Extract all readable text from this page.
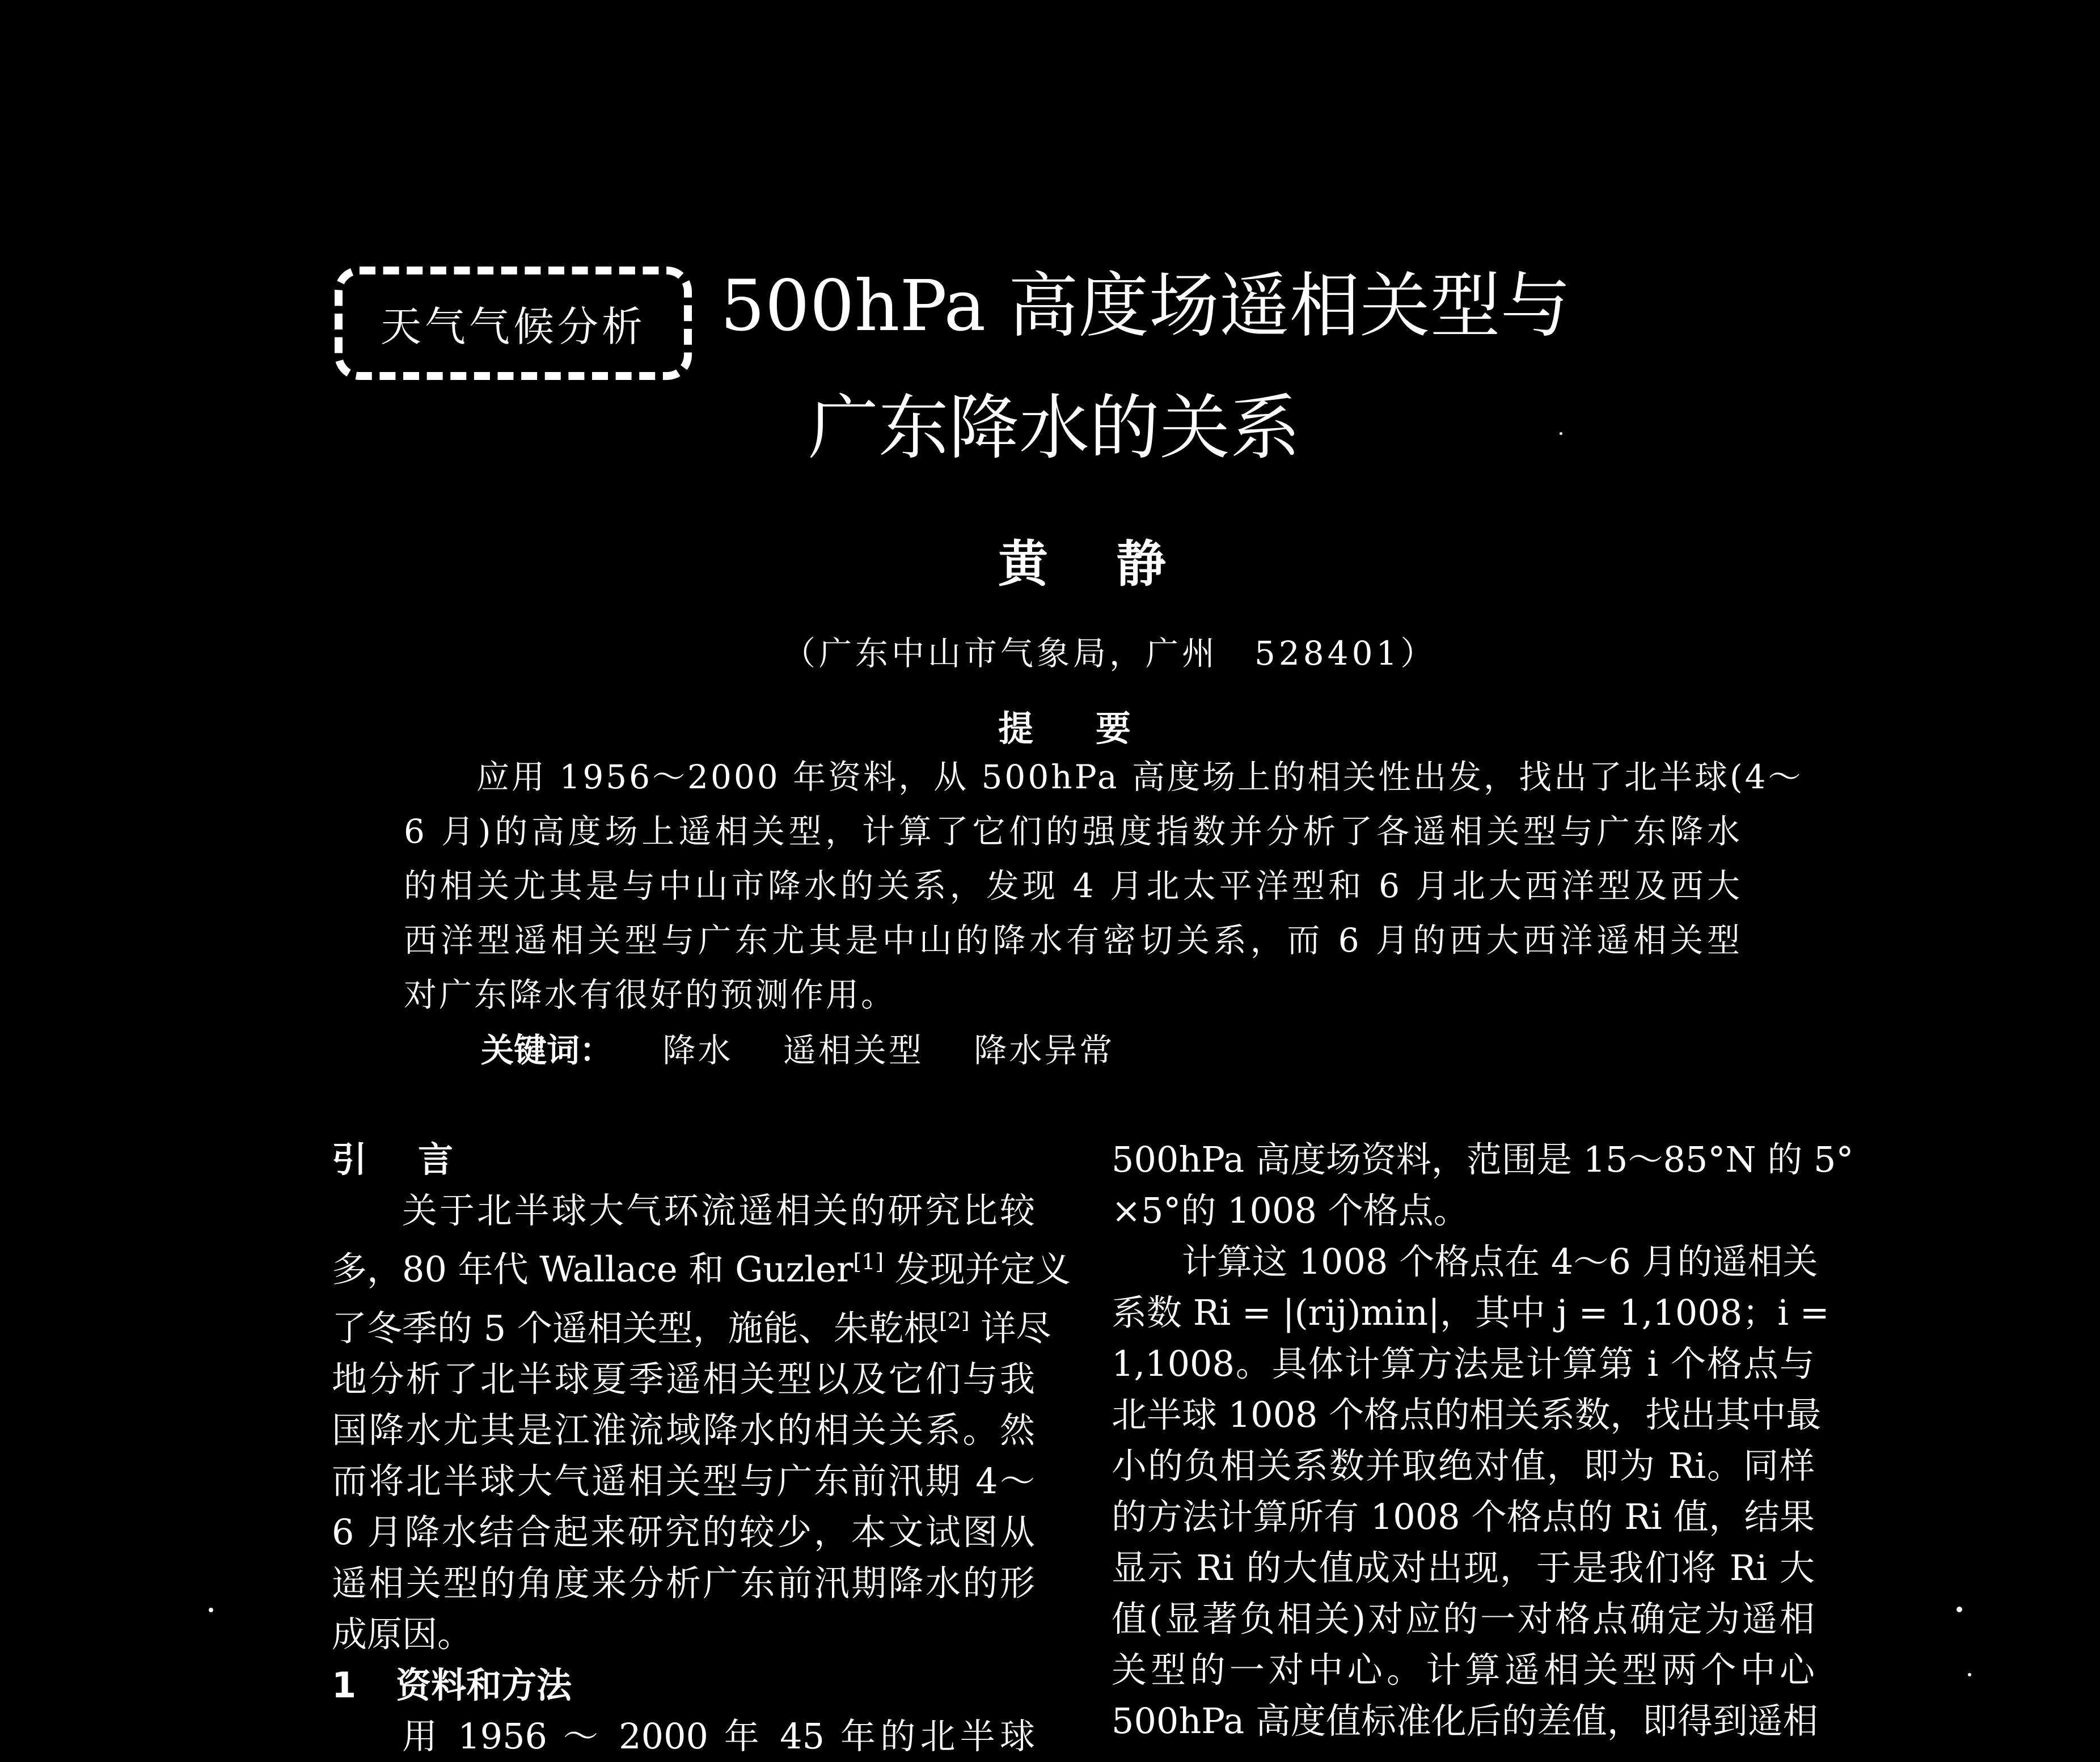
天气气候分析	500hPa 高度场遥相关型与
广东降水的关系
黄静
（广东中山市气象局，广州　528401）
提要
应用 1956～2000 年资料，从 500hPa 高度场上的相关性出发，找出了北半球(4～
6 月)的高度场上遥相关型，计算了它们的强度指数并分析了各遥相关型与广东降水
的相关尤其是与中山市降水的关系，发现 4 月北太平洋型和 6 月北大西洋型及西大
西洋型遥相关型与广东尤其是中山的降水有密切关系，而 6 月的西大西洋遥相关型
对广东降水有很好的预测作用。
关键词： 降水 遥相关型 降水异常
引言
关于北半球大气环流遥相关的研究比较
多，80 年代 Wallace 和 Guzler[1] 发现并定义
了冬季的 5 个遥相关型，施能、朱乾根[2] 详尽
地分析了北半球夏季遥相关型以及它们与我
国降水尤其是江淮流域降水的相关关系。然
而将北半球大气遥相关型与广东前汛期 4～
6 月降水结合起来研究的较少，本文试图从
遥相关型的角度来分析广东前汛期降水的形
成原因。
1 资料和方法
用 1956 ～ 2000 年 45 年的北半球
500hPa 高度场资料，范围是 15～85°N 的 5°
×5°的 1008 个格点。
计算这 1008 个格点在 4～6 月的遥相关
系数 Ri = |(rij)min|，其中 j = 1,1008；i =
1,1008。具体计算方法是计算第 i 个格点与
北半球 1008 个格点的相关系数，找出其中最
小的负相关系数并取绝对值，即为 Ri。同样
的方法计算所有 1008 个格点的 Ri 值，结果
显示 Ri 的大值成对出现，于是我们将 Ri 大
值(显著负相关)对应的一对格点确定为遥相
关型的一对中心。计算遥相关型两个中心
500hPa 高度值标准化后的差值，即得到遥相
